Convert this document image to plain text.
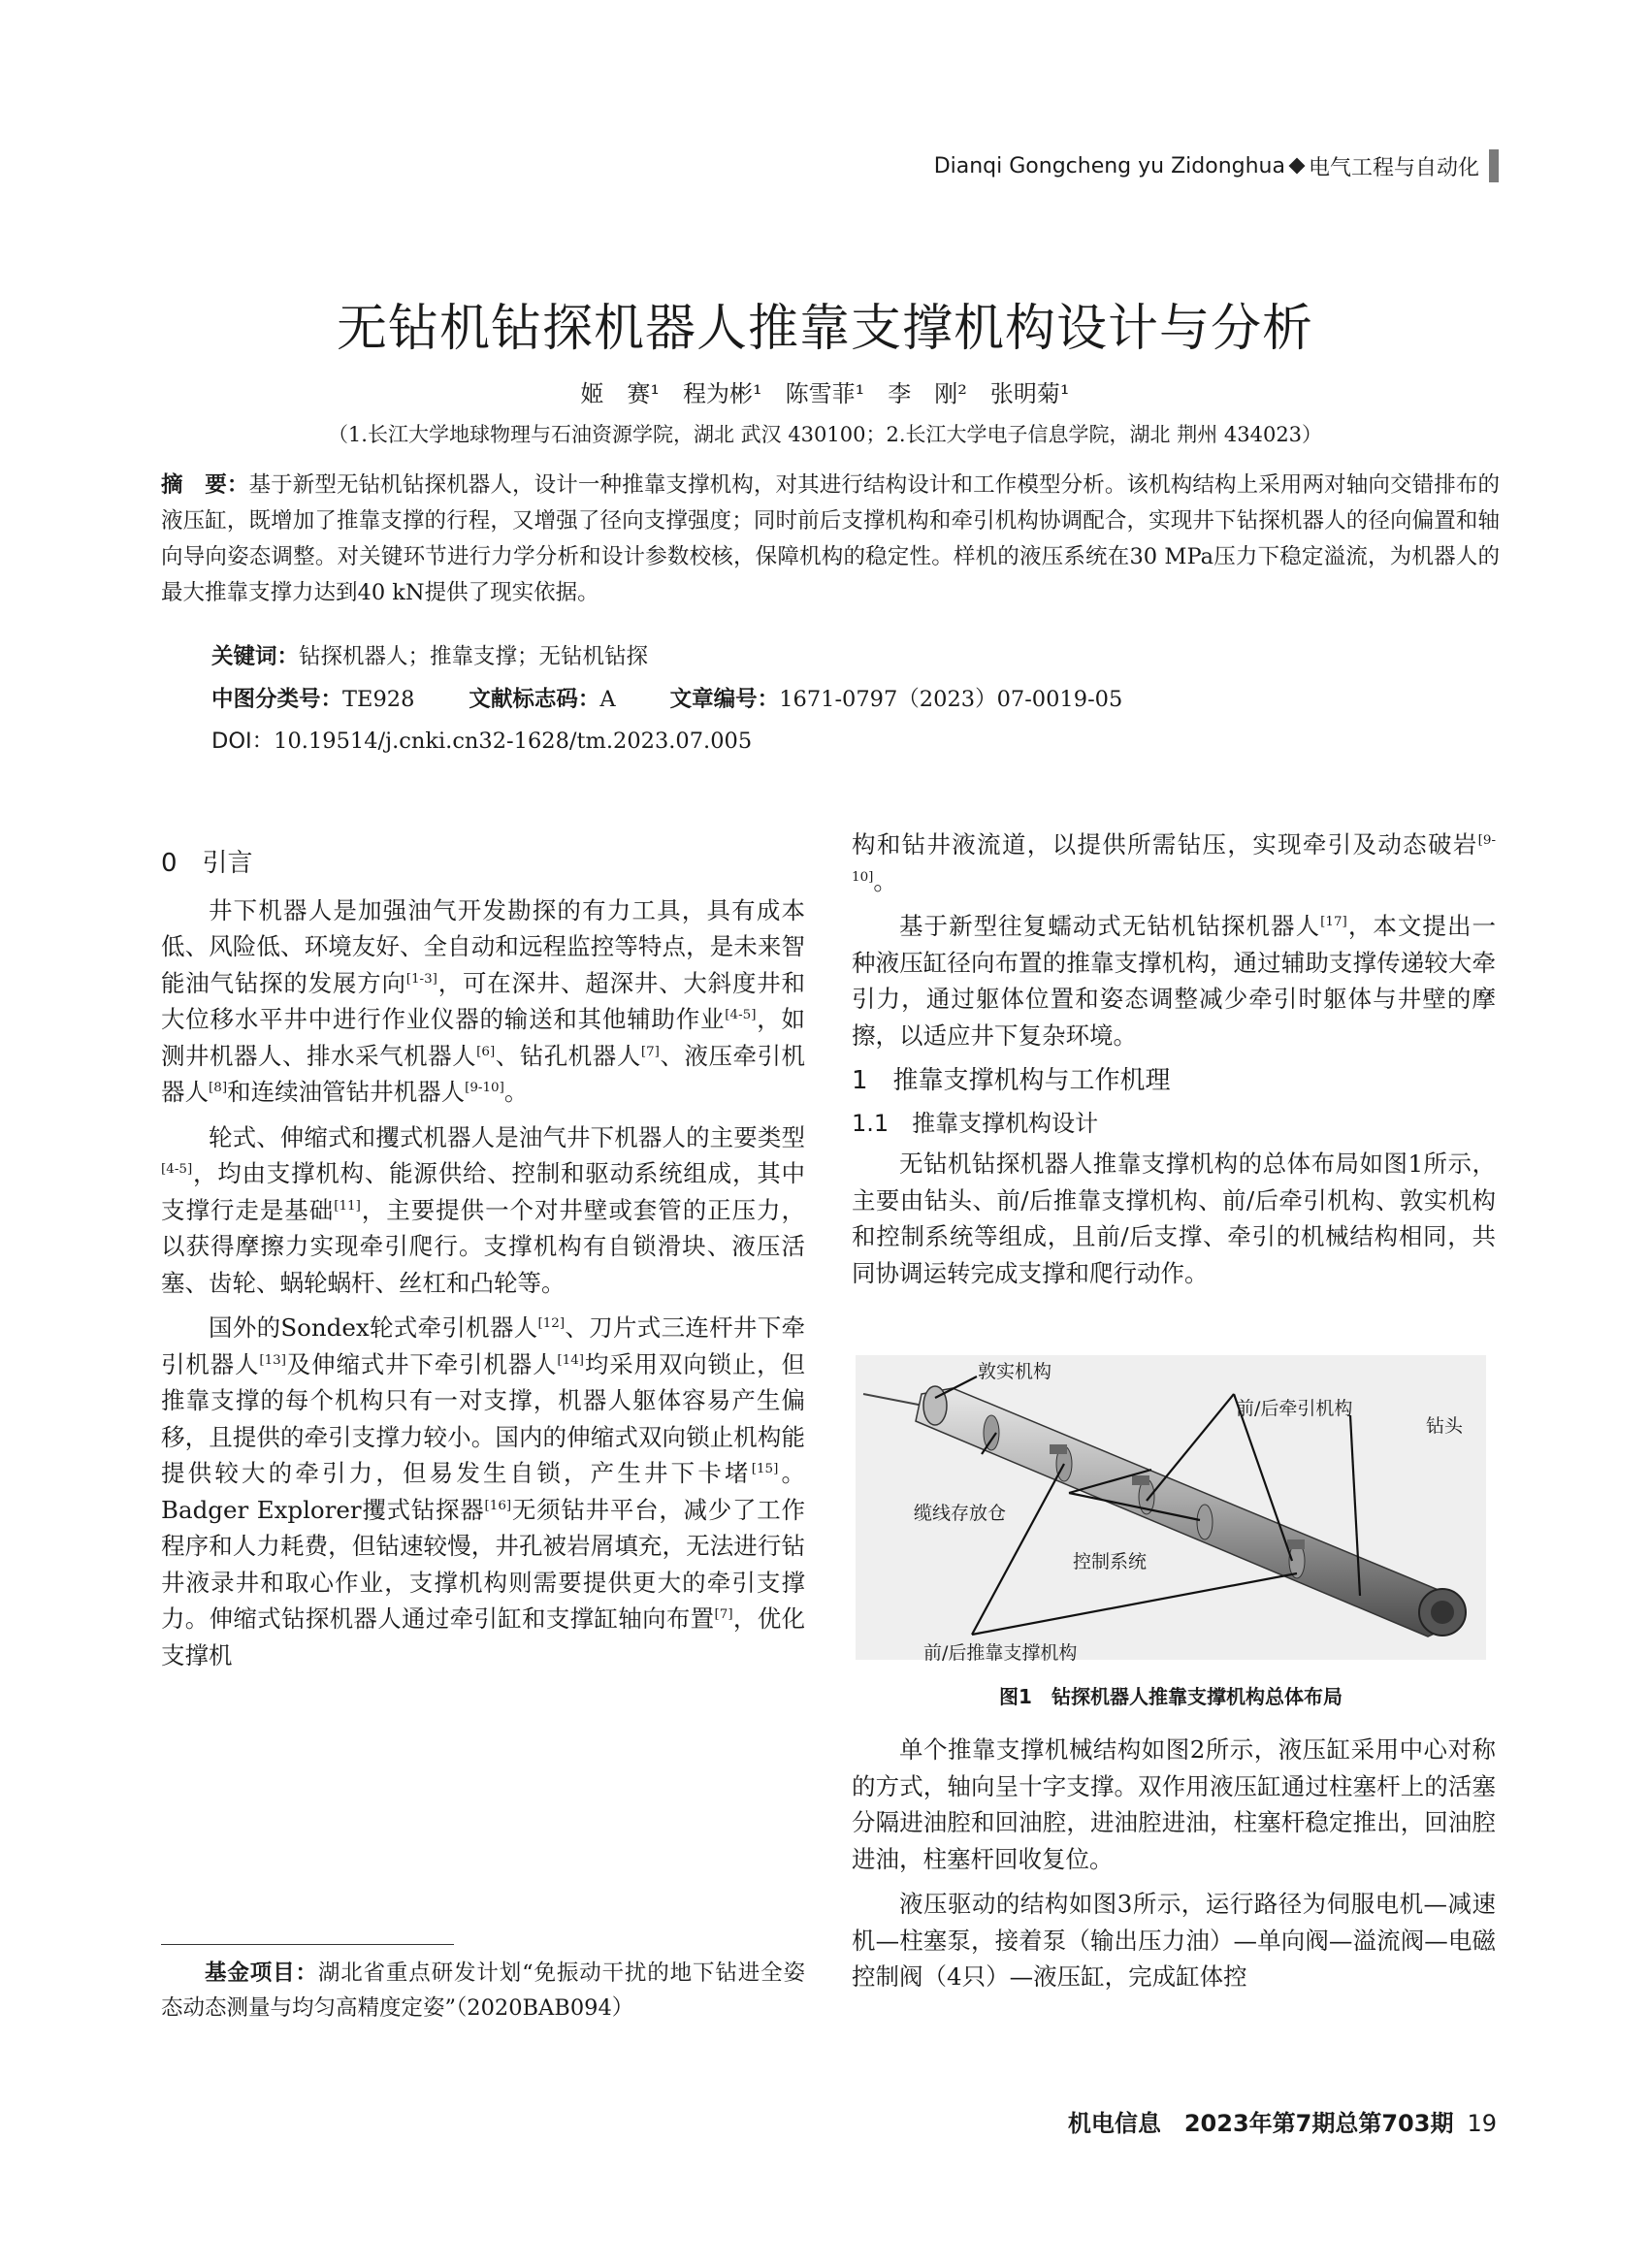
Dianqi Gongcheng yu Zidonghua 电气工程与自动化
无钻机钻探机器人推靠支撑机构设计与分析
姬　赛¹　程为彬¹　陈雪菲¹　李　刚²　张明菊¹
（1.长江大学地球物理与石油资源学院，湖北 武汉 430100；2.长江大学电子信息学院，湖北 荆州 434023）
摘　要：基于新型无钻机钻探机器人，设计一种推靠支撑机构，对其进行结构设计和工作模型分析。该机构结构上采用两对轴向交错排布的液压缸，既增加了推靠支撑的行程，又增强了径向支撑强度；同时前后支撑机构和牵引机构协调配合，实现井下钻探机器人的径向偏置和轴向导向姿态调整。对关键环节进行力学分析和设计参数校核，保障机构的稳定性。样机的液压系统在30 MPa压力下稳定溢流，为机器人的最大推靠支撑力达到40 kN提供了现实依据。
关键词：钻探机器人；推靠支撑；无钻机钻探
中图分类号：TE928 文献标志码：A 文章编号：1671-0797（2023）07-0019-05
DOI：10.19514/j.cnki.cn32-1628/tm.2023.07.005
0　引言

井下机器人是加强油气开发勘探的有力工具，具有成本低、风险低、环境友好、全自动和远程监控等特点，是未来智能油气钻探的发展方向[1-3]，可在深井、超深井、大斜度井和大位移水平井中进行作业仪器的输送和其他辅助作业[4-5]，如测井机器人、排水采气机器人[6]、钻孔机器人[7]、液压牵引机器人[8]和连续油管钻井机器人[9-10]。

轮式、伸缩式和攫式机器人是油气井下机器人的主要类型[4-5]，均由支撑机构、能源供给、控制和驱动系统组成，其中支撑行走是基础[11]，主要提供一个对井壁或套管的正压力，以获得摩擦力实现牵引爬行。支撑机构有自锁滑块、液压活塞、齿轮、蜗轮蜗杆、丝杠和凸轮等。

国外的Sondex轮式牵引机器人[12]、刀片式三连杆井下牵引机器人[13]及伸缩式井下牵引机器人[14]均采用双向锁止，但推靠支撑的每个机构只有一对支撑，机器人躯体容易产生偏移，且提供的牵引支撑力较小。国内的伸缩式双向锁止机构能提供较大的牵引力，但易发生自锁，产生井下卡堵[15]。Badger Explorer攫式钻探器[16]无须钻井平台，减少了工作程序和人力耗费，但钻速较慢，井孔被岩屑填充，无法进行钻井液录井和取心作业，支撑机构则需要提供更大的牵引支撑力。伸缩式钻探机器人通过牵引缸和支撑缸轴向布置[7]，优化支撑机

构和钻井液流道，以提供所需钻压，实现牵引及动态破岩[9-10]。

基于新型往复蠕动式无钻机钻探机器人[17]，本文提出一种液压缸径向布置的推靠支撑机构，通过辅助支撑传递较大牵引力，通过躯体位置和姿态调整减少牵引时躯体与井壁的摩擦，以适应井下复杂环境。

1　推靠支撑机构与工作机理
1.1　推靠支撑机构设计

无钻机钻探机器人推靠支撑机构的总体布局如图1所示，主要由钻头、前/后推靠支撑机构、前/后牵引机构、敦实机构和控制系统等组成，且前/后支撑、牵引的机械结构相同，共同协调运转完成支撑和爬行动作。

敦实机构
前/后牵引机构
钻头
缆线存放仓
控制系统
前/后推靠支撑机构
图1　钻探机器人推靠支撑机构总体布局

单个推靠支撑机械结构如图2所示，液压缸采用中心对称的方式，轴向呈十字支撑。双作用液压缸通过柱塞杆上的活塞分隔进油腔和回油腔，进油腔进油，柱塞杆稳定推出，回油腔进油，柱塞杆回收复位。

液压驱动的结构如图3所示，运行路径为伺服电机—减速机—柱塞泵，接着泵（输出压力油）—单向阀—溢流阀—电磁控制阀（4只）—液压缸，完成缸体控

基金项目：湖北省重点研发计划“免振动干扰的地下钻进全姿态动态测量与均匀高精度定姿”（2020BAB094）
机电信息　2023年第7期总第703期 19
